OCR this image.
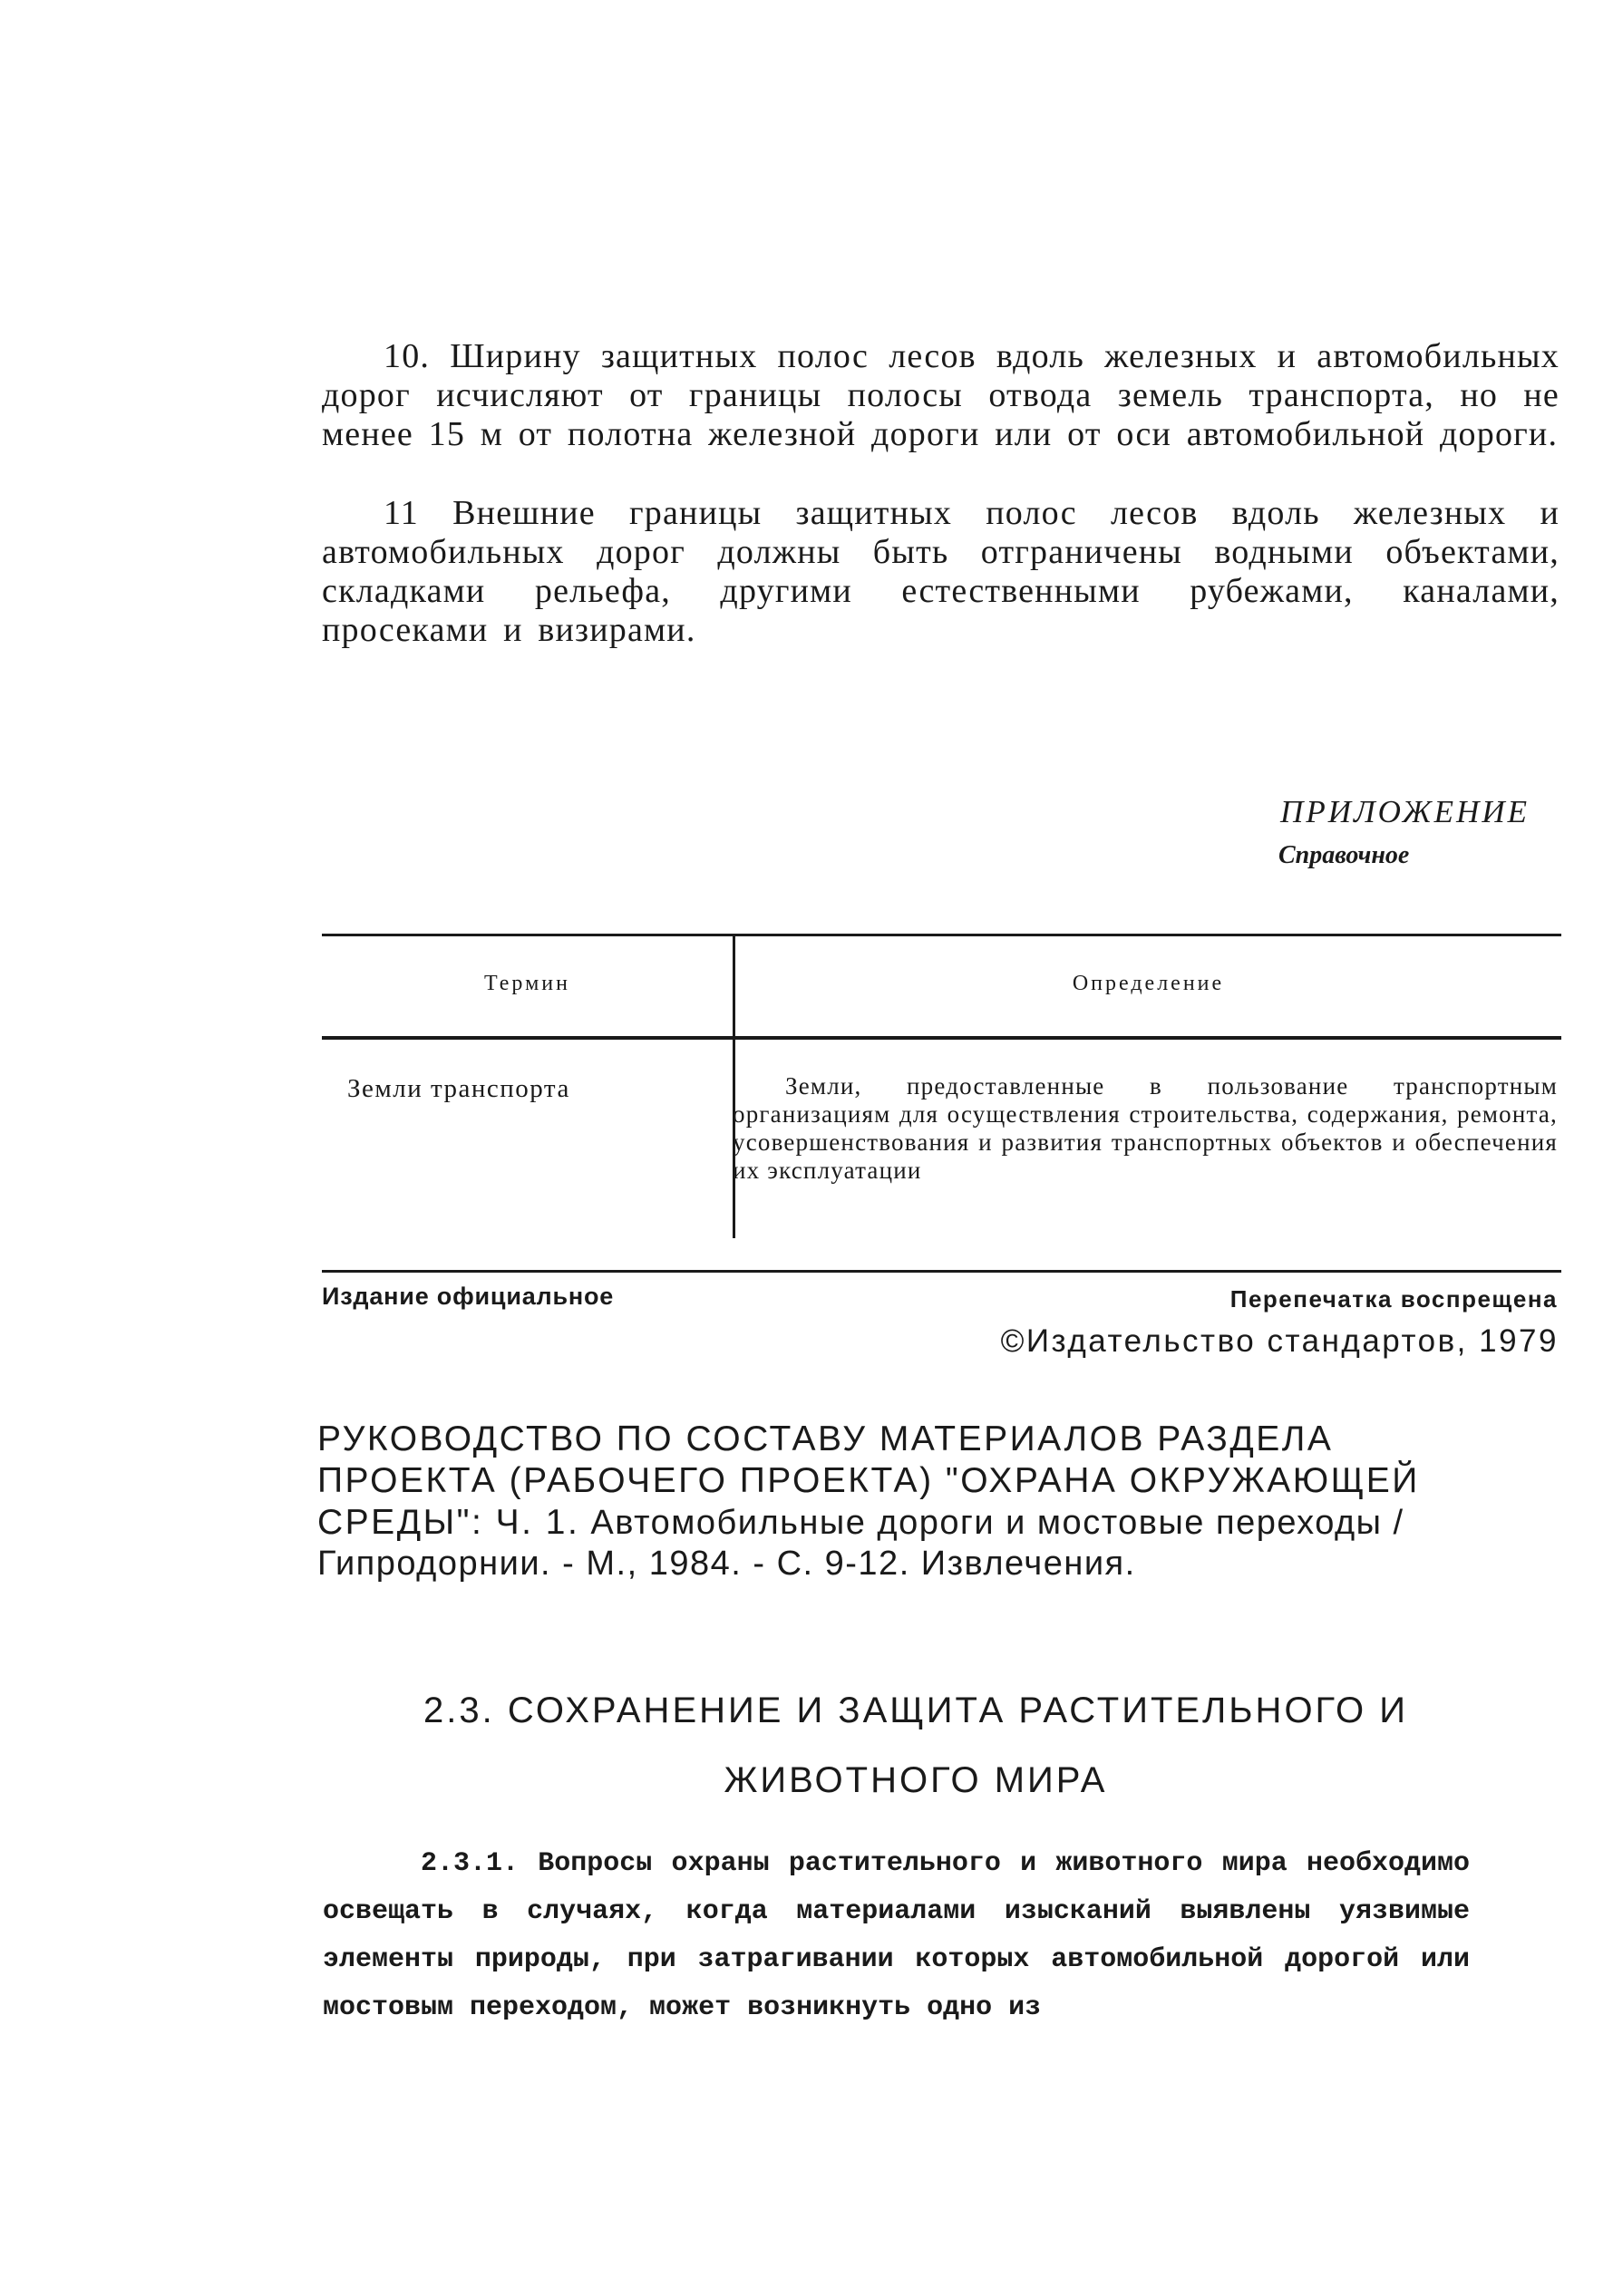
10. Ширину защитных полос лесов вдоль железных и автомобильных дорог исчисляют от границы полосы отвода земель транспорта, но не менее 15 м от полотна железной дороги или от оси автомобильной дороги.

11 Внешние границы защитных полос лесов вдоль железных и автомобильных дорог должны быть отграничены водными объектами, складками рельефа, другими естественными рубежами, каналами, просеками и визирами.

ПРИЛОЖЕНИЕ

Справочное

Термин	Определение

Земли транспорта	Земли, предоставленные в пользование транспортным организациям для осуществления строительства, содержания, ремонта, усовершенствования и развития транспортных объектов и обеспечения их эксплуатации

Издание официальное	Перепечатка воспрещена

©Издательство стандартов, 1979

РУКОВОДСТВО ПО СОСТАВУ МАТЕРИАЛОВ РАЗДЕЛА ПРОЕКТА (РАБОЧЕГО ПРОЕКТА) "ОХРАНА ОКРУЖАЮЩЕЙ СРЕДЫ": Ч. 1. Автомобильные дороги и мостовые переходы / Гипродорнии. - М., 1984. - С. 9-12. Извлечения.

2.3. СОХРАНЕНИЕ И ЗАЩИТА РАСТИТЕЛЬНОГО И
ЖИВОТНОГО МИРА

2.3.1. Вопросы охраны растительного и животного мира необходимо освещать в случаях, когда материалами изысканий выявлены уязвимые элементы природы, при затрагивании которых автомобильной дорогой или мостовым переходом, может возникнуть одно из
